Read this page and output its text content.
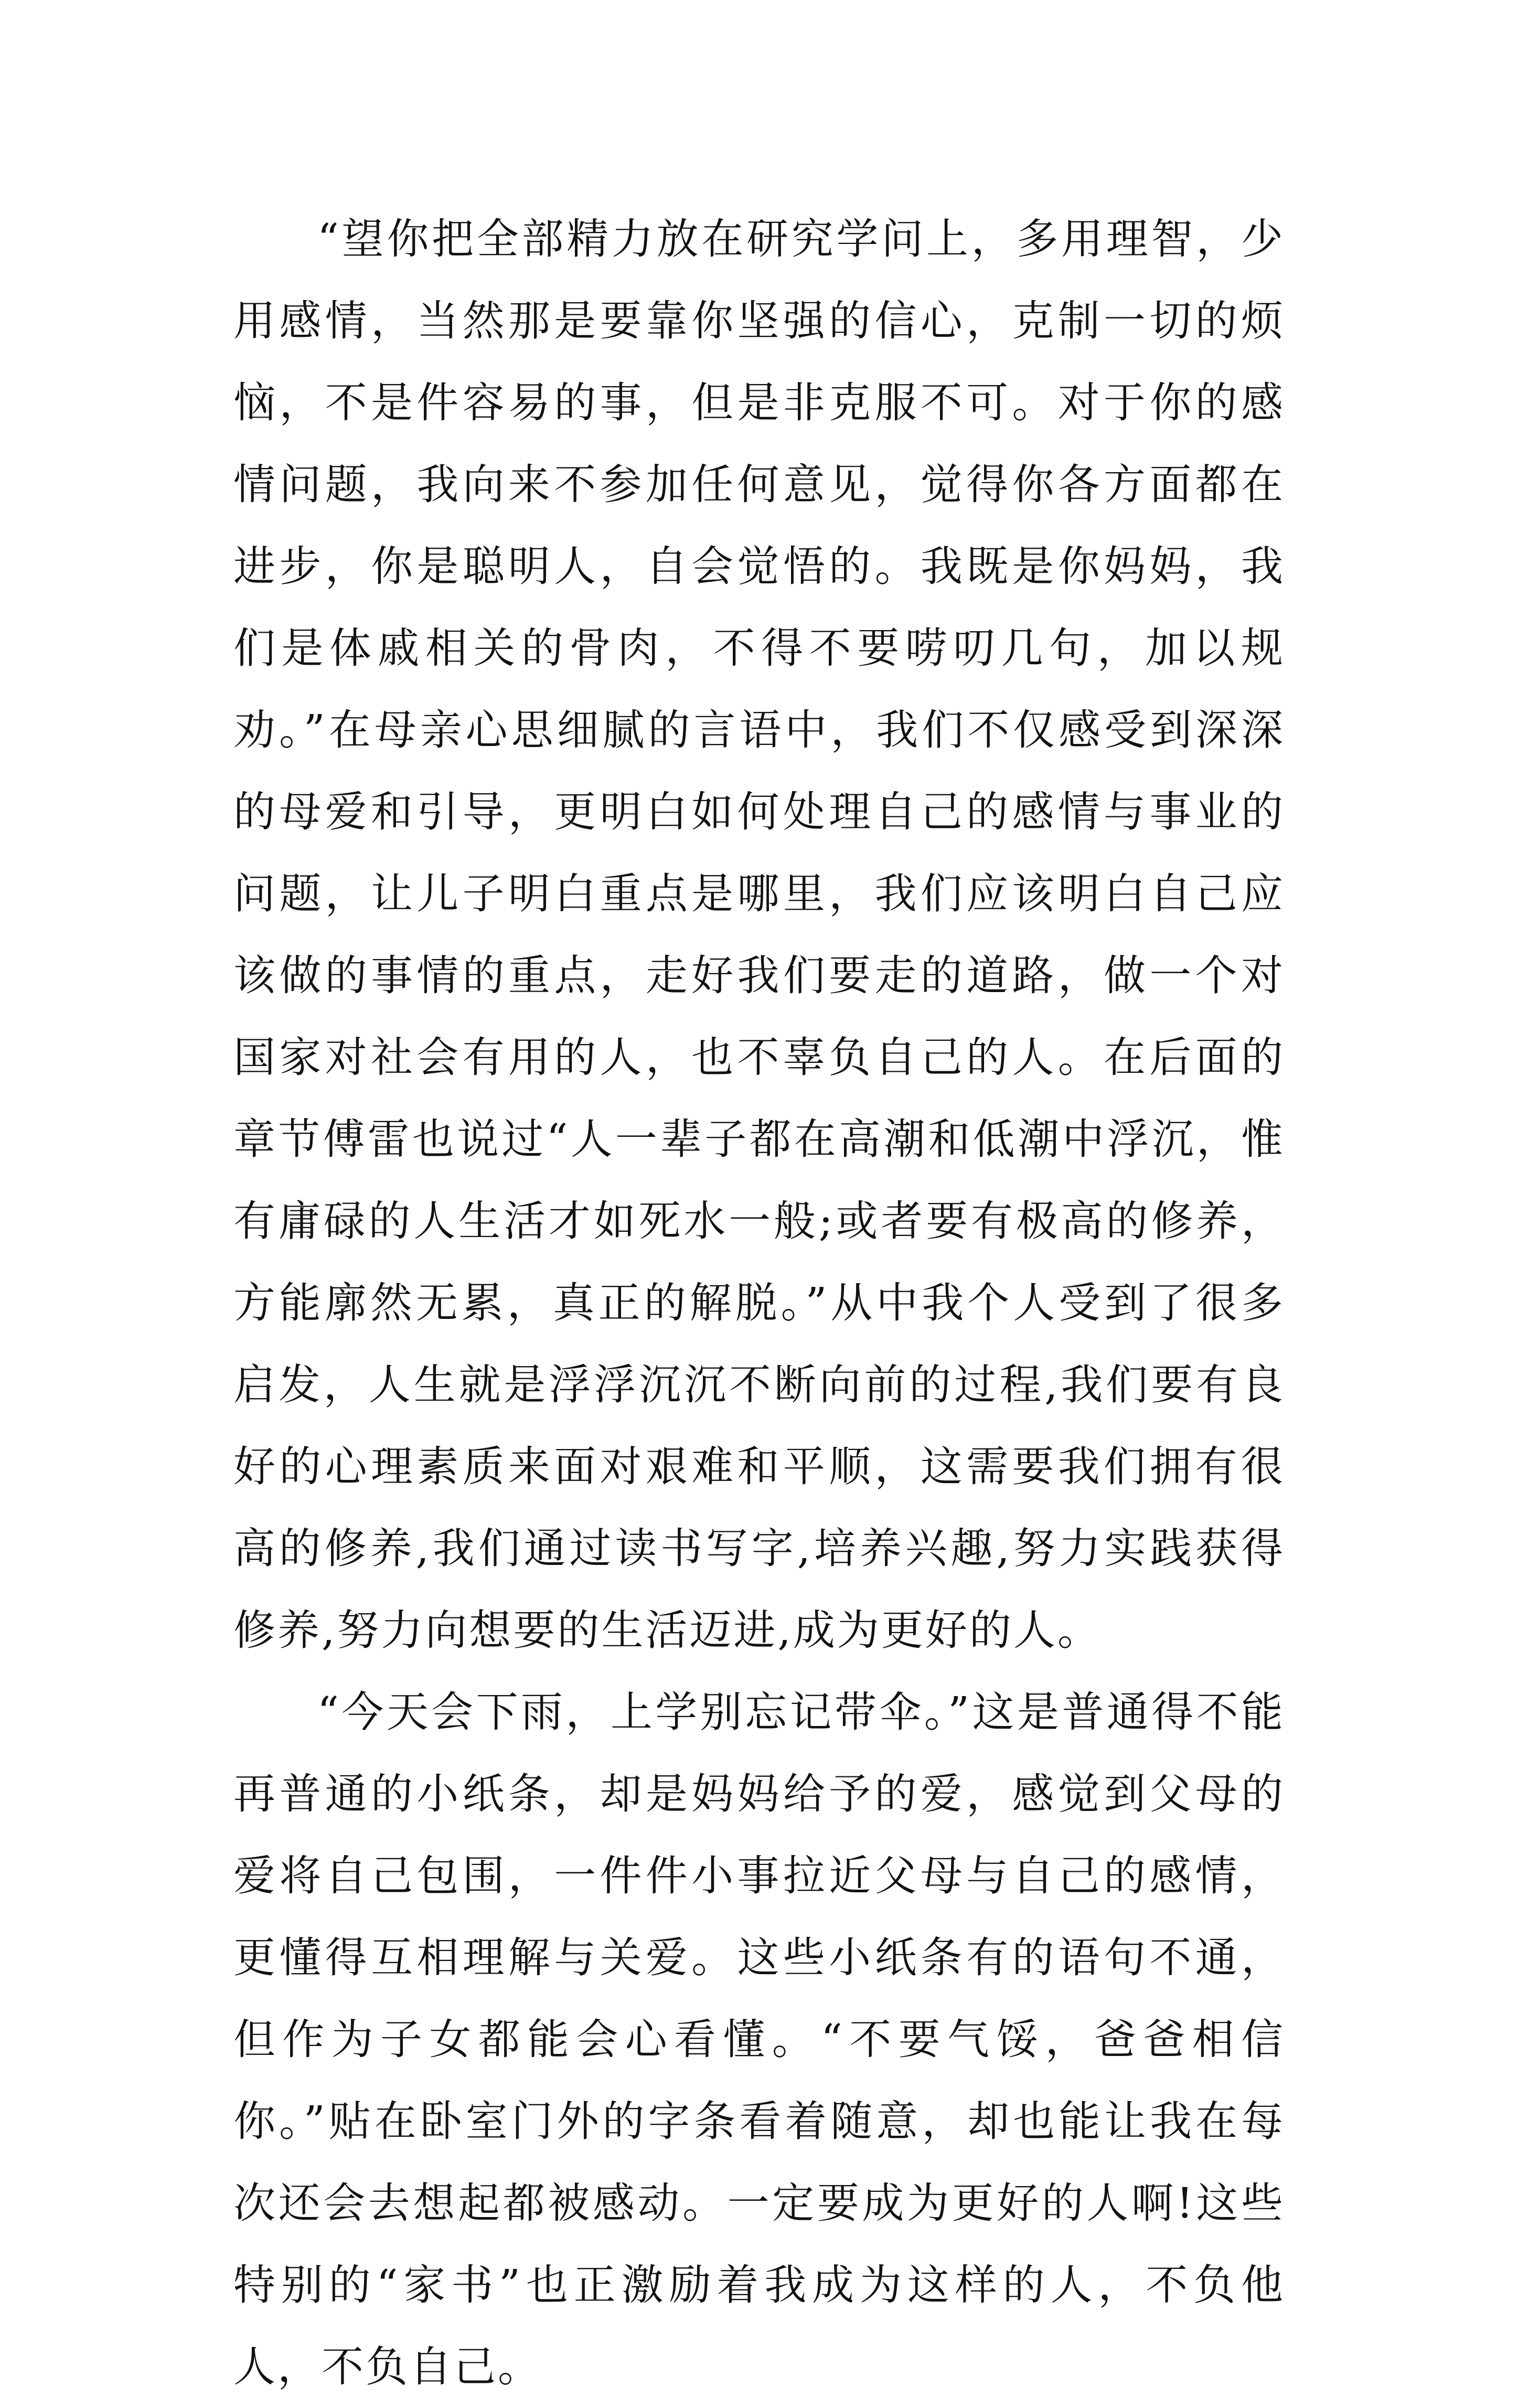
“望你把全部精力放在研究学问上，多用理智，少用感情，当然那是要靠你坚强的信心，克制一切的烦恼，不是件容易的事，但是非克服不可。对于你的感情问题，我向来不参加任何意见，觉得你各方面都在进步，你是聪明人，自会觉悟的。我既是你妈妈，我们是体戚相关的骨肉，不得不要唠叨几句，加以规劝。”在母亲心思细腻的言语中，我们不仅感受到深深的母爱和引导，更明白如何处理自己的感情与事业的问题，让儿子明白重点是哪里，我们应该明白自己应该做的事情的重点，走好我们要走的道路，做一个对国家对社会有用的人，也不辜负自己的人。在后面的章节傅雷也说过“人一辈子都在高潮和低潮中浮沉，惟有庸碌的人生活才如死水一般;或者要有极高的修养，方能廓然无累，真正的解脱。”从中我个人受到了很多启发，人生就是浮浮沉沉不断向前的过程,我们要有良好的心理素质来面对艰难和平顺，这需要我们拥有很高的修养,我们通过读书写字,培养兴趣,努力实践获得修养,努力向想要的生活迈进,成为更好的人。

“今天会下雨，上学别忘记带伞。”这是普通得不能再普通的小纸条，却是妈妈给予的爱，感觉到父母的爱将自己包围，一件件小事拉近父母与自己的感情，更懂得互相理解与关爱。这些小纸条有的语句不通，但作为子女都能会心看懂。“不要气馁，爸爸相信你。”贴在卧室门外的字条看着随意，却也能让我在每次还会去想起都被感动。一定要成为更好的人啊!这些特别的“家书”也正激励着我成为这样的人，不负他人，不负自己。
